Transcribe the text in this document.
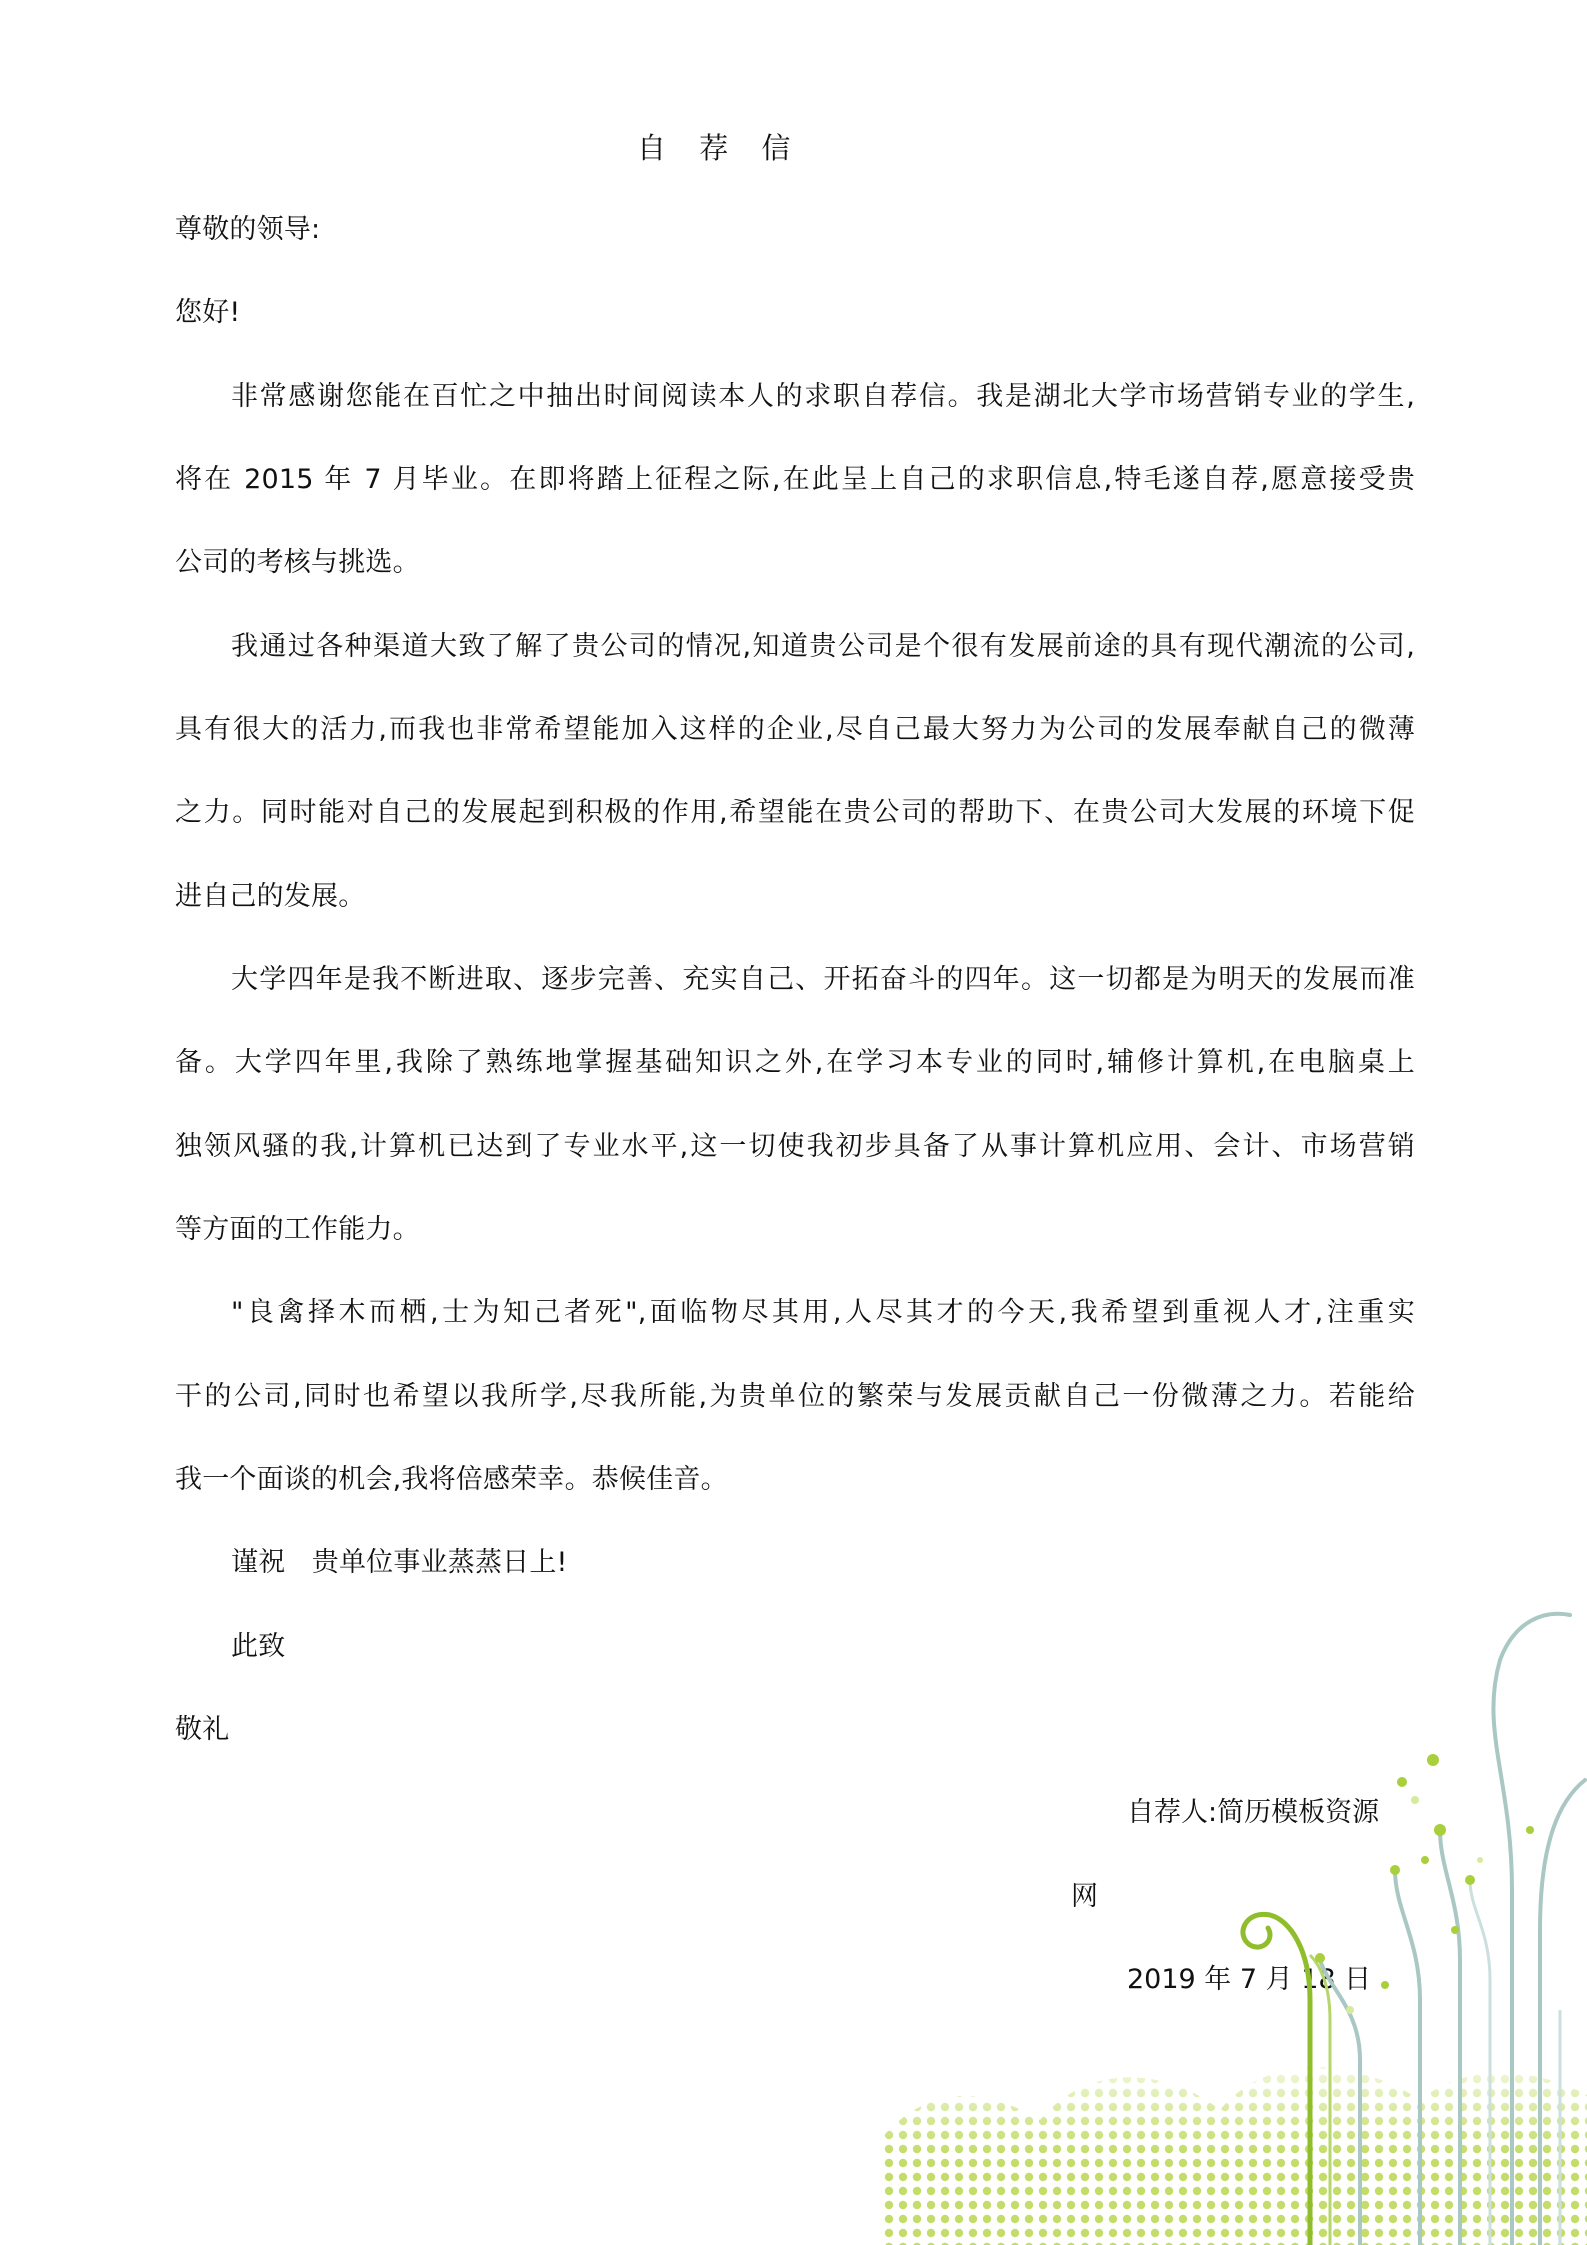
自 荐 信
尊敬的领导:
您好!
非常感谢您能在百忙之中抽出时间阅读本人的求职自荐信。我是湖北大学市场营销专业的学生,
将在 2015 年 7 月毕业。在即将踏上征程之际,在此呈上自己的求职信息,特毛遂自荐,愿意接受贵
公司的考核与挑选。
我通过各种渠道大致了解了贵公司的情况,知道贵公司是个很有发展前途的具有现代潮流的公司,
具有很大的活力,而我也非常希望能加入这样的企业,尽自己最大努力为公司的发展奉献自己的微薄
之力。同时能对自己的发展起到积极的作用,希望能在贵公司的帮助下、在贵公司大发展的环境下促
进自己的发展。
大学四年是我不断进取、逐步完善、充实自己、开拓奋斗的四年。这一切都是为明天的发展而准
备。大学四年里,我除了熟练地掌握基础知识之外,在学习本专业的同时,辅修计算机,在电脑桌上
独领风骚的我,计算机已达到了专业水平,这一切使我初步具备了从事计算机应用、会计、市场营销
等方面的工作能力。
"良禽择木而栖,士为知己者死",面临物尽其用,人尽其才的今天,我希望到重视人才,注重实
干的公司,同时也希望以我所学,尽我所能,为贵单位的繁荣与发展贡献自己一份微薄之力。若能给
我一个面谈的机会,我将倍感荣幸。恭候佳音。
谨祝   贵单位事业蒸蒸日上!
此致
敬礼
自荐人:简历模板资源
网
2019 年 7 月 18 日
